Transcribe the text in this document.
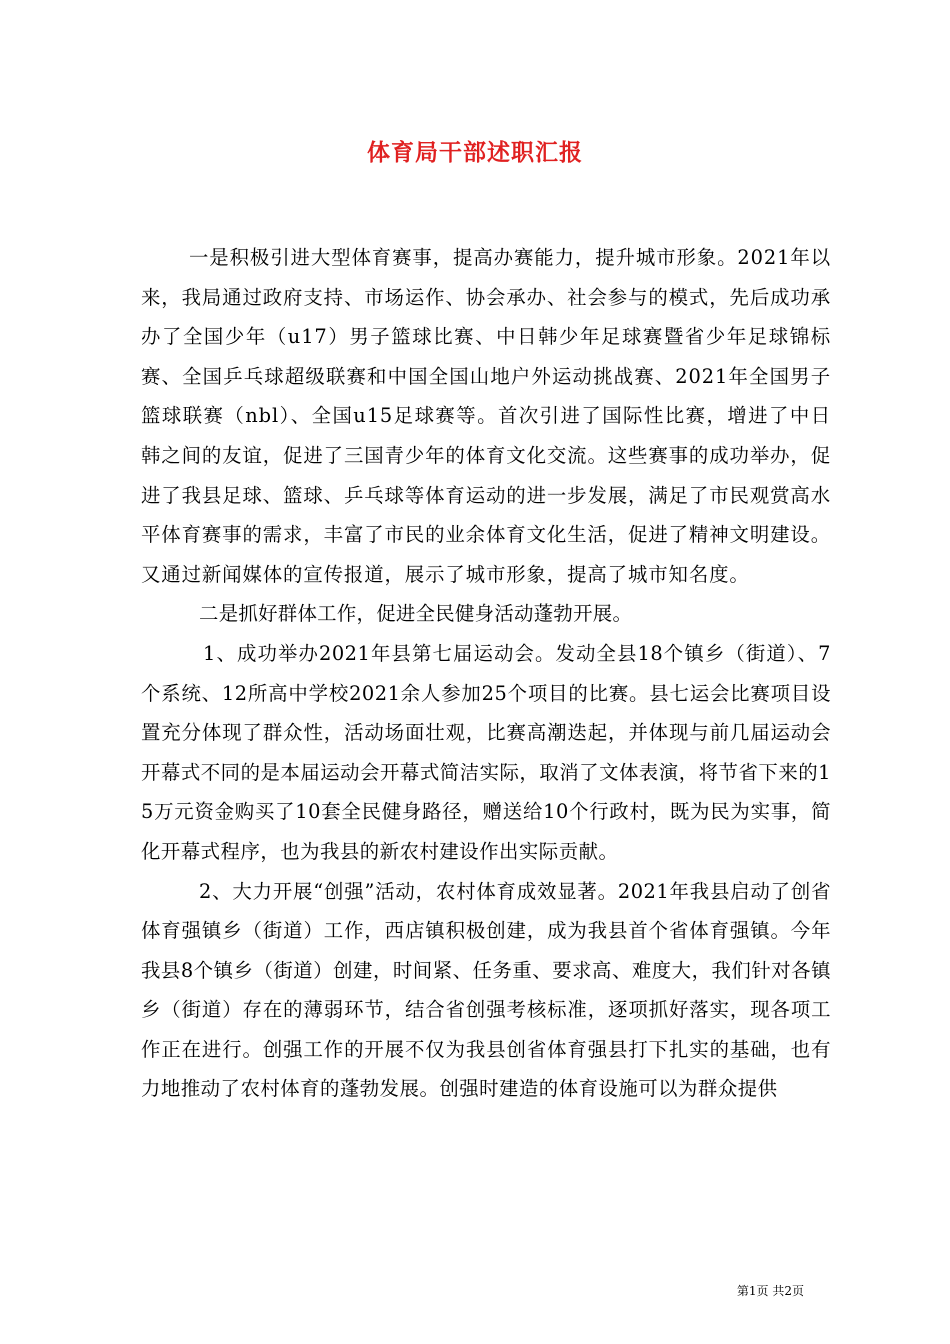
体育局干部述职汇报

一是积极引进大型体育赛事，提高办赛能力，提升城市形象。2021年以来，我局通过政府支持、市场运作、协会承办、社会参与的模式，先后成功承办了全国少年（u17）男子篮球比赛、中日韩少年足球赛暨省少年足球锦标赛、全国乒乓球超级联赛和中国全国山地户外运动挑战赛、2021年全国男子篮球联赛（nbl）、全国u15足球赛等。首次引进了国际性比赛，增进了中日韩之间的友谊，促进了三国青少年的体育文化交流。这些赛事的成功举办，促进了我县足球、篮球、乒乓球等体育运动的进一步发展，满足了市民观赏高水平体育赛事的需求，丰富了市民的业余体育文化生活，促进了精神文明建设。又通过新闻媒体的宣传报道，展示了城市形象，提高了城市知名度。

二是抓好群体工作，促进全民健身活动蓬勃开展。

1、成功举办2021年县第七届运动会。发动全县18个镇乡（街道）、7个系统、12所高中学校2021余人参加25个项目的比赛。县七运会比赛项目设置充分体现了群众性，活动场面壮观，比赛高潮迭起，并体现与前几届运动会开幕式不同的是本届运动会开幕式简洁实际，取消了文体表演，将节省下来的15万元资金购买了10套全民健身路径，赠送给10个行政村，既为民为实事，简化开幕式程序，也为我县的新农村建设作出实际贡献。

2、大力开展“创强”活动，农村体育成效显著。2021年我县启动了创省体育强镇乡（街道）工作，西店镇积极创建，成为我县首个省体育强镇。今年我县8个镇乡（街道）创建，时间紧、任务重、要求高、难度大，我们针对各镇乡（街道）存在的薄弱环节，结合省创强考核标准，逐项抓好落实，现各项工作正在进行。创强工作的开展不仅为我县创省体育强县打下扎实的基础，也有力地推动了农村体育的蓬勃发展。创强时建造的体育设施可以为群众提供

第1页 共2页
